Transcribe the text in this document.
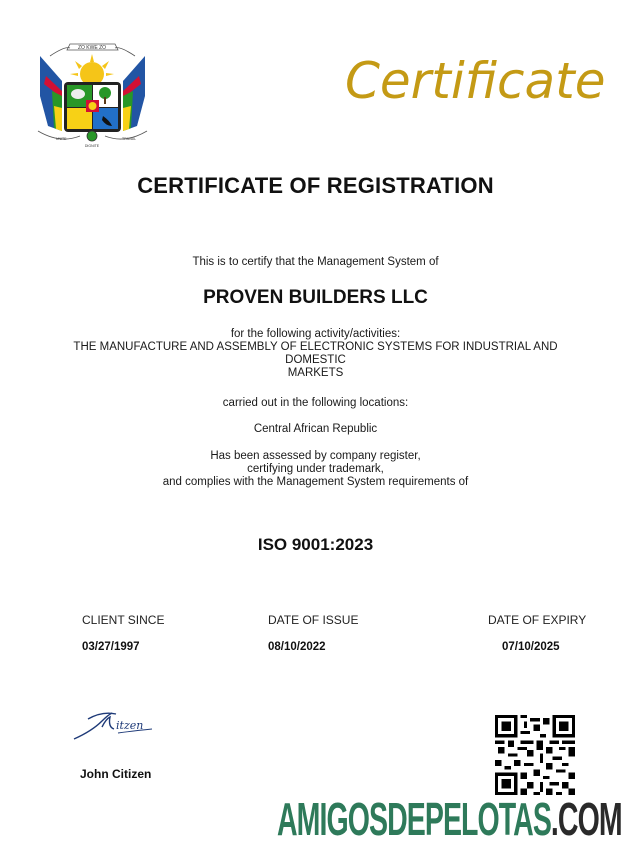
ZO KWE ZO
UNITE	TRAVAIL
DIGNITE
Certificate
CERTIFICATE OF REGISTRATION
This is to certify that the Management System of
PROVEN BUILDERS LLC
for the following activity/activities:
THE MANUFACTURE AND ASSEMBLY OF ELECTRONIC SYSTEMS FOR INDUSTRIAL AND
DOMESTIC
MARKETS
carried out in the following locations:
Central African Republic
Has been assessed by company register,
certifying under trademark,
and complies with the Management System requirements of
ISO 9001:2023
CLIENT SINCE
03/27/1997
DATE OF ISSUE
08/10/2022
DATE OF EXPIRY
07/10/2025
itzen
John Citizen
AMIGOSDEPELOTAS.COM
